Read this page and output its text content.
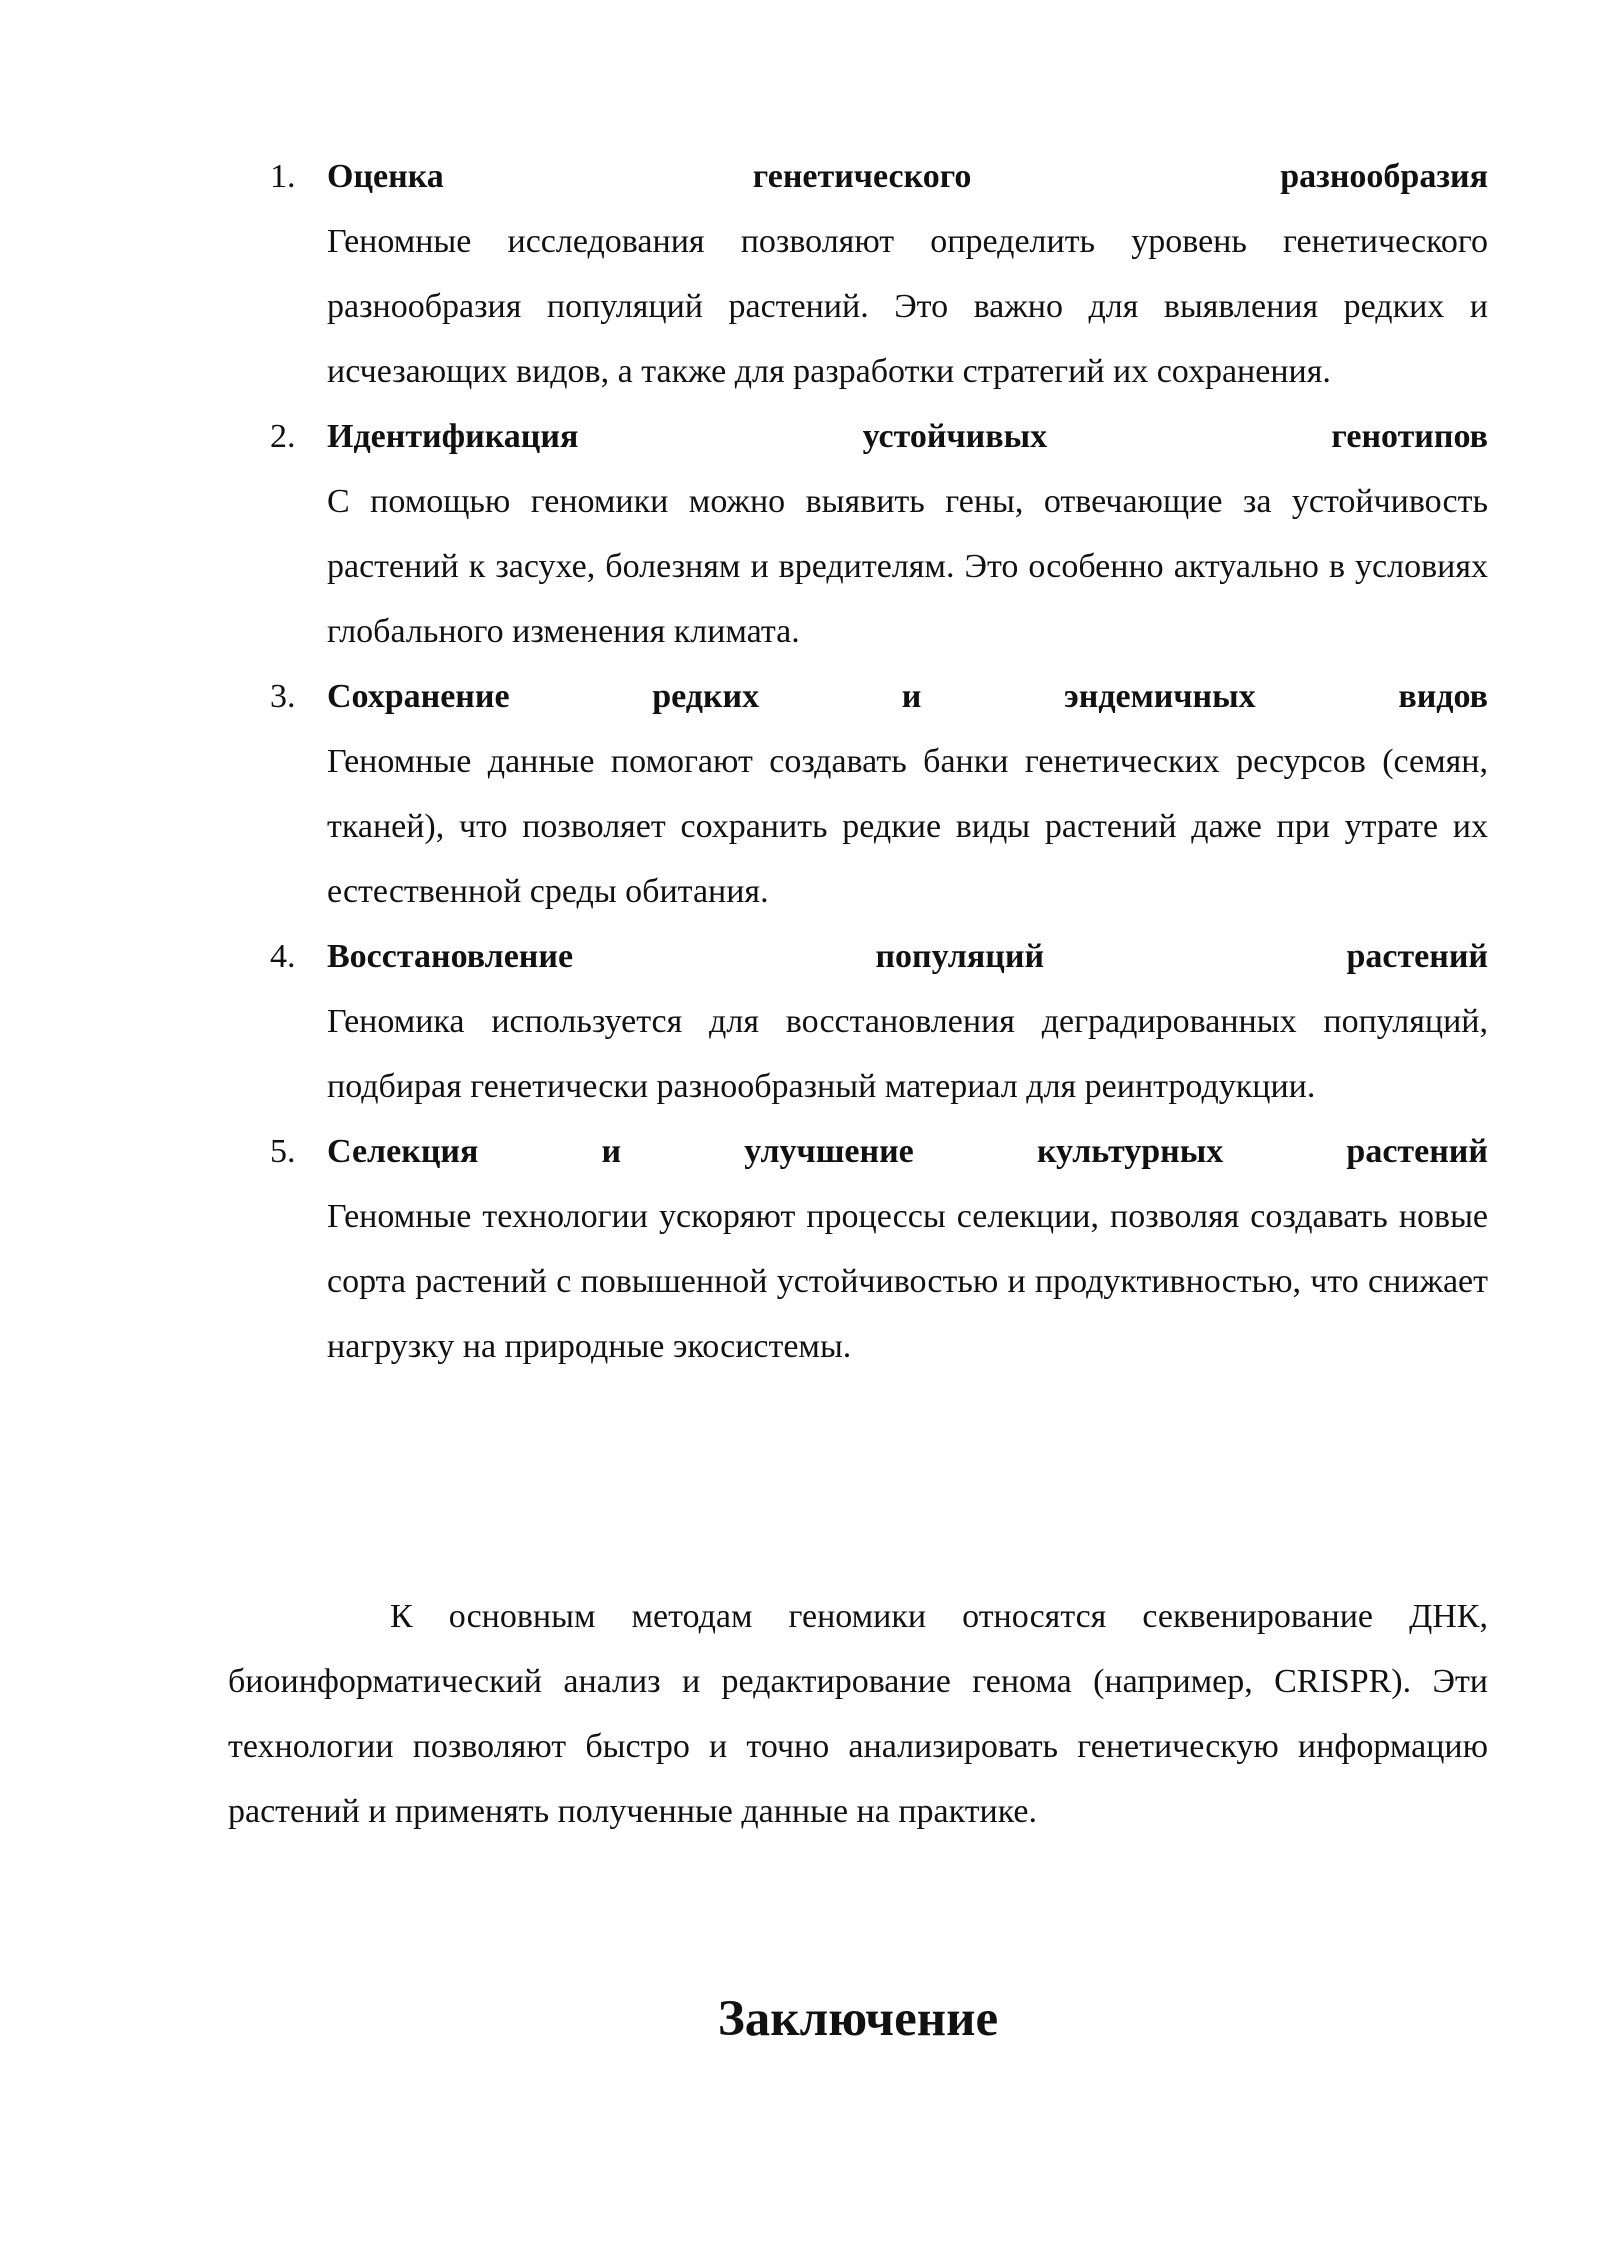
1. Оценка генетического разнообразия
Геномные исследования позволяют определить уровень генетического разнообразия популяций растений. Это важно для выявления редких и исчезающих видов, а также для разработки стратегий их сохранения.
2. Идентификация устойчивых генотипов
С помощью геномики можно выявить гены, отвечающие за устойчивость растений к засухе, болезням и вредителям. Это особенно актуально в условиях глобального изменения климата.
3. Сохранение редких и эндемичных видов
Геномные данные помогают создавать банки генетических ресурсов (семян, тканей), что позволяет сохранить редкие виды растений даже при утрате их естественной среды обитания.
4. Восстановление популяций растений
Геномика используется для восстановления деградированных популяций, подбирая генетически разнообразный материал для реинтродукции.
5. Селекция и улучшение культурных растений
Геномные технологии ускоряют процессы селекции, позволяя создавать новые сорта растений с повышенной устойчивостью и продуктивностью, что снижает нагрузку на природные экосистемы.

К основным методам геномики относятся секвенирование ДНК, биоинформатический анализ и редактирование генома (например, CRISPR). Эти технологии позволяют быстро и точно анализировать генетическую информацию растений и применять полученные данные на практике.

Заключение
